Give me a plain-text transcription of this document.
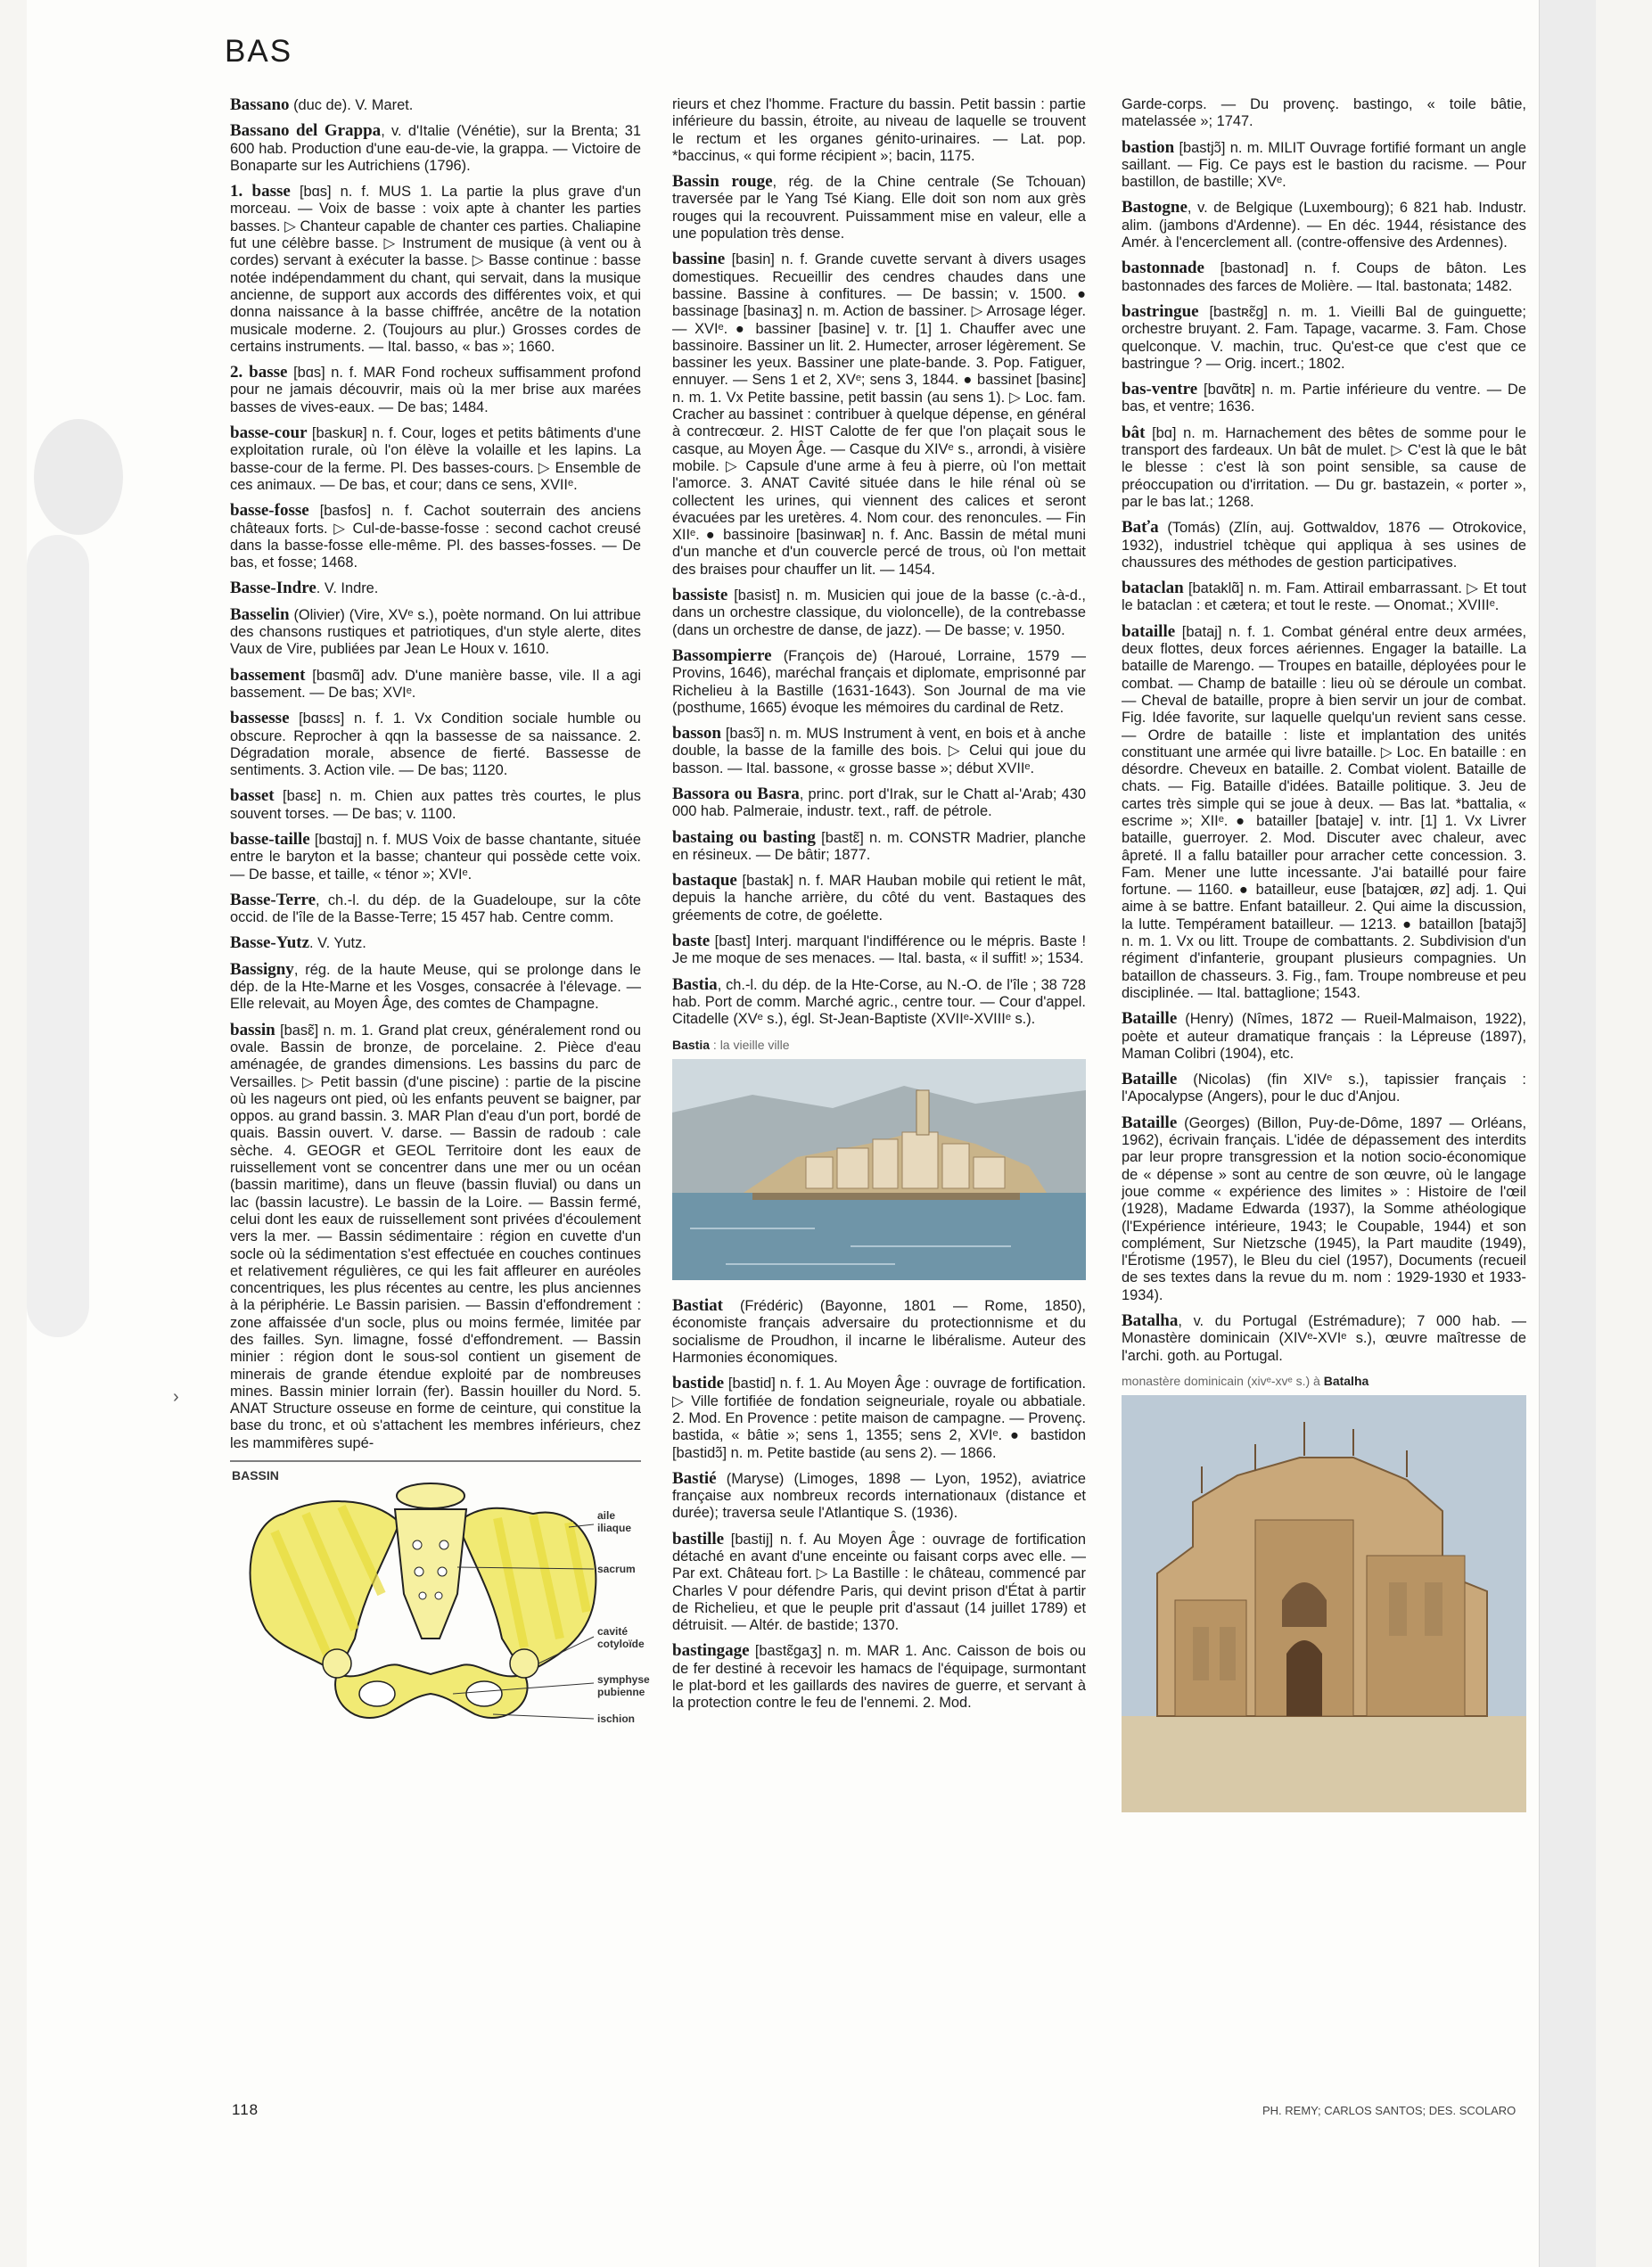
BAS
›

Bassano (duc de). V. Maret.

Bassano del Grappa, v. d'Italie (Vénétie), sur la Brenta; 31 600 hab. Production d'une eau-de-vie, la grappa. — Victoire de Bonaparte sur les Autrichiens (1796).

1. basse [bɑs] n. f. MUS 1. La partie la plus grave d'un morceau. — Voix de basse : voix apte à chanter les parties basses. ▷ Chanteur capable de chanter ces parties. Chaliapine fut une célèbre basse. ▷ Instrument de musique (à vent ou à cordes) servant à exécuter la basse. ▷ Basse continue : basse notée indépendamment du chant, qui servait, dans la musique ancienne, de support aux accords des différentes voix, et qui donna naissance à la basse chiffrée, ancêtre de la notation musicale moderne. 2. (Toujours au plur.) Grosses cordes de certains instruments. — Ital. basso, « bas »; 1660.

2. basse [bɑs] n. f. MAR Fond rocheux suffisamment profond pour ne jamais découvrir, mais où la mer brise aux marées basses de vives-eaux. — De bas; 1484.

basse-cour [baskuʀ] n. f. Cour, loges et petits bâtiments d'une exploitation rurale, où l'on élève la volaille et les lapins. La basse-cour de la ferme. Pl. Des basses-cours. ▷ Ensemble de ces animaux. — De bas, et cour; dans ce sens, XVIIᵉ.

basse-fosse [basfos] n. f. Cachot souterrain des anciens châteaux forts. ▷ Cul-de-basse-fosse : second cachot creusé dans la basse-fosse elle-même. Pl. des basses-fosses. — De bas, et fosse; 1468.

Basse-Indre. V. Indre.

Basselin (Olivier) (Vire, XVᵉ s.), poète normand. On lui attribue des chansons rustiques et patriotiques, d'un style alerte, dites Vaux de Vire, publiées par Jean Le Houx v. 1610.

bassement [bɑsmɑ̃] adv. D'une manière basse, vile. Il a agi bassement. — De bas; XVIᵉ.

bassesse [bɑsɛs] n. f. 1. Vx Condition sociale humble ou obscure. Reprocher à qqn la bassesse de sa naissance. 2. Dégradation morale, absence de fierté. Bassesse de sentiments. 3. Action vile. — De bas; 1120.

basset [basɛ] n. m. Chien aux pattes très courtes, le plus souvent torses. — De bas; v. 1100.

basse-taille [bɑstɑj] n. f. MUS Voix de basse chantante, située entre le baryton et la basse; chanteur qui possède cette voix. — De basse, et taille, « ténor »; XVIᵉ.

Basse-Terre, ch.-l. du dép. de la Guadeloupe, sur la côte occid. de l'île de la Basse-Terre; 15 457 hab. Centre comm.

Basse-Yutz. V. Yutz.

Bassigny, rég. de la haute Meuse, qui se prolonge dans le dép. de la Hte-Marne et les Vosges, consacrée à l'élevage. — Elle relevait, au Moyen Âge, des comtes de Champagne.

bassin [basɛ̃] n. m. 1. Grand plat creux, généralement rond ou ovale. Bassin de bronze, de porcelaine. 2. Pièce d'eau aménagée, de grandes dimensions. Les bassins du parc de Versailles. ▷ Petit bassin (d'une piscine) : partie de la piscine où les nageurs ont pied, où les enfants peuvent se baigner, par oppos. au grand bassin. 3. MAR Plan d'eau d'un port, bordé de quais. Bassin ouvert. V. darse. — Bassin de radoub : cale sèche. 4. GEOGR et GEOL Territoire dont les eaux de ruissellement vont se concentrer dans une mer ou un océan (bassin maritime), dans un fleuve (bassin fluvial) ou dans un lac (bassin lacustre). Le bassin de la Loire. — Bassin fermé, celui dont les eaux de ruissellement sont privées d'écoulement vers la mer. — Bassin sédimentaire : région en cuvette d'un socle où la sédimentation s'est effectuée en couches continues et relativement régulières, ce qui les fait affleurer en auréoles concentriques, les plus récentes au centre, les plus anciennes à la périphérie. Le Bassin parisien. — Bassin d'effondrement : zone affaissée d'un socle, plus ou moins fermée, limitée par des failles. Syn. limagne, fossé d'effondrement. — Bassin minier : région dont le sous-sol contient un gisement de minerais de grande étendue exploité par de nombreuses mines. Bassin minier lorrain (fer). Bassin houiller du Nord. 5. ANAT Structure osseuse en forme de ceinture, qui constitue la base du tronc, et où s'attachent les membres inférieurs, chez les mammifères supé-

BASSIN
aile iliaque
sacrum
cavité cotyloïde
symphyse pubienne
ischion

rieurs et chez l'homme. Fracture du bassin. Petit bassin : partie inférieure du bassin, étroite, au niveau de laquelle se trouvent le rectum et les organes génito-urinaires. — Lat. pop. *baccinus, « qui forme récipient »; bacin, 1175.

Bassin rouge, rég. de la Chine centrale (Se Tchouan) traversée par le Yang Tsé Kiang. Elle doit son nom aux grès rouges qui la recouvrent. Puissamment mise en valeur, elle a une population très dense.

bassine [basin] n. f. Grande cuvette servant à divers usages domestiques. Recueillir des cendres chaudes dans une bassine. Bassine à confitures. — De bassin; v. 1500. ● bassinage [basinaʒ] n. m. Action de bassiner. ▷ Arrosage léger. — XVIᵉ. ● bassiner [basine] v. tr. [1] 1. Chauffer avec une bassinoire. Bassiner un lit. 2. Humecter, arroser légèrement. Se bassiner les yeux. Bassiner une plate-bande. 3. Pop. Fatiguer, ennuyer. — Sens 1 et 2, XVᵉ; sens 3, 1844. ● bassinet [basinɛ] n. m. 1. Vx Petite bassine, petit bassin (au sens 1). ▷ Loc. fam. Cracher au bassinet : contribuer à quelque dépense, en général à contrecœur. 2. HIST Calotte de fer que l'on plaçait sous le casque, au Moyen Âge. — Casque du XIVᵉ s., arrondi, à visière mobile. ▷ Capsule d'une arme à feu à pierre, où l'on mettait l'amorce. 3. ANAT Cavité située dans le hile rénal où se collectent les urines, qui viennent des calices et seront évacuées par les uretères. 4. Nom cour. des renoncules. — Fin XIIᵉ. ● bassinoire [basinwaʀ] n. f. Anc. Bassin de métal muni d'un manche et d'un couvercle percé de trous, où l'on mettait des braises pour chauffer un lit. — 1454.

bassiste [basist] n. m. Musicien qui joue de la basse (c.-à-d., dans un orchestre classique, du violoncelle), de la contrebasse (dans un orchestre de danse, de jazz). — De basse; v. 1950.

Bassompierre (François de) (Haroué, Lorraine, 1579 — Provins, 1646), maréchal français et diplomate, emprisonné par Richelieu à la Bastille (1631-1643). Son Journal de ma vie (posthume, 1665) évoque les mémoires du cardinal de Retz.

basson [basɔ̃] n. m. MUS Instrument à vent, en bois et à anche double, la basse de la famille des bois. ▷ Celui qui joue du basson. — Ital. bassone, « grosse basse »; début XVIIᵉ.

Bassora ou Basra, princ. port d'Irak, sur le Chatt al-'Arab; 430 000 hab. Palmeraie, industr. text., raff. de pétrole.

bastaing ou basting [bastɛ̃] n. m. CONSTR Madrier, planche en résineux. — De bâtir; 1877.

bastaque [bastak] n. f. MAR Hauban mobile qui retient le mât, depuis la hanche arrière, du côté du vent. Bastaques des gréements de cotre, de goélette.

baste [bast] Interj. marquant l'indifférence ou le mépris. Baste ! Je me moque de ses menaces. — Ital. basta, « il suffit! »; 1534.

Bastia, ch.-l. du dép. de la Hte-Corse, au N.-O. de l'île ; 38 728 hab. Port de comm. Marché agric., centre tour. — Cour d'appel. Citadelle (XVᵉ s.), égl. St-Jean-Baptiste (XVIIᵉ-XVIIIᵉ s.).

Bastia : la vieille ville

Bastiat (Frédéric) (Bayonne, 1801 — Rome, 1850), économiste français adversaire du protectionnisme et du socialisme de Proudhon, il incarne le libéralisme. Auteur des Harmonies économiques.

bastide [bastid] n. f. 1. Au Moyen Âge : ouvrage de fortification. ▷ Ville fortifiée de fondation seigneuriale, royale ou abbatiale. 2. Mod. En Provence : petite maison de campagne. — Provenç. bastida, « bâtie »; sens 1, 1355; sens 2, XVIᵉ. ● bastidon [bastidɔ̃] n. m. Petite bastide (au sens 2). — 1866.

Bastié (Maryse) (Limoges, 1898 — Lyon, 1952), aviatrice française aux nombreux records internationaux (distance et durée); traversa seule l'Atlantique S. (1936).

bastille [bastij] n. f. Au Moyen Âge : ouvrage de fortification détaché en avant d'une enceinte ou faisant corps avec elle. — Par ext. Château fort. ▷ La Bastille : le château, commencé par Charles V pour défendre Paris, qui devint prison d'État à partir de Richelieu, et que le peuple prit d'assaut (14 juillet 1789) et détruisit. — Altér. de bastide; 1370.

bastingage [bastɛ̃gaʒ] n. m. MAR 1. Anc. Caisson de bois ou de fer destiné à recevoir les hamacs de l'équipage, surmontant le plat-bord et les gaillards des navires de guerre, et servant à la protection contre le feu de l'ennemi. 2. Mod.

Garde-corps. — Du provenç. bastingo, « toile bâtie, matelassée »; 1747.

bastion [bastjɔ̃] n. m. MILIT Ouvrage fortifié formant un angle saillant. — Fig. Ce pays est le bastion du racisme. — Pour bastillon, de bastille; XVᵉ.

Bastogne, v. de Belgique (Luxembourg); 6 821 hab. Industr. alim. (jambons d'Ardenne). — En déc. 1944, résistance des Amér. à l'encerclement all. (contre-offensive des Ardennes).

bastonnade [bastonad] n. f. Coups de bâton. Les bastonnades des farces de Molière. — Ital. bastonata; 1482.

bastringue [bastʀɛ̃g] n. m. 1. Vieilli Bal de guinguette; orchestre bruyant. 2. Fam. Tapage, vacarme. 3. Fam. Chose quelconque. V. machin, truc. Qu'est-ce que c'est que ce bastringue ? — Orig. incert.; 1802.

bas-ventre [bɑvɑ̃tʀ] n. m. Partie inférieure du ventre. — De bas, et ventre; 1636.

bât [bɑ] n. m. Harnachement des bêtes de somme pour le transport des fardeaux. Un bât de mulet. ▷ C'est là que le bât le blesse : c'est là son point sensible, sa cause de préoccupation ou d'irritation. — Du gr. bastazein, « porter », par le bas lat.; 1268.

Baťa (Tomás) (Zlín, auj. Gottwaldov, 1876 — Otrokovice, 1932), industriel tchèque qui appliqua à ses usines de chaussures des méthodes de gestion participatives.

bataclan [bataklɑ̃] n. m. Fam. Attirail embarrassant. ▷ Et tout le bataclan : et cætera; et tout le reste. — Onomat.; XVIIIᵉ.

bataille [bataj] n. f. 1. Combat général entre deux armées, deux flottes, deux forces aériennes. Engager la bataille. La bataille de Marengo. — Troupes en bataille, déployées pour le combat. — Champ de bataille : lieu où se déroule un combat. — Cheval de bataille, propre à bien servir un jour de combat. Fig. Idée favorite, sur laquelle quelqu'un revient sans cesse. — Ordre de bataille : liste et implantation des unités constituant une armée qui livre bataille. ▷ Loc. En bataille : en désordre. Cheveux en bataille. 2. Combat violent. Bataille de chats. — Fig. Bataille d'idées. Bataille politique. 3. Jeu de cartes très simple qui se joue à deux. — Bas lat. *battalia, « escrime »; XIIᵉ. ● batailler [bataje] v. intr. [1] 1. Vx Livrer bataille, guerroyer. 2. Mod. Discuter avec chaleur, avec âpreté. Il a fallu batailler pour arracher cette concession. 3. Fam. Mener une lutte incessante. J'ai bataillé pour faire fortune. — 1160. ● batailleur, euse [batajœʀ, øz] adj. 1. Qui aime à se battre. Enfant batailleur. 2. Qui aime la discussion, la lutte. Tempérament batailleur. — 1213. ● bataillon [batajɔ̃] n. m. 1. Vx ou litt. Troupe de combattants. 2. Subdivision d'un régiment d'infanterie, groupant plusieurs compagnies. Un bataillon de chasseurs. 3. Fig., fam. Troupe nombreuse et peu disciplinée. — Ital. battaglione; 1543.

Bataille (Henry) (Nîmes, 1872 — Rueil-Malmaison, 1922), poète et auteur dramatique français : la Lépreuse (1897), Maman Colibri (1904), etc.

Bataille (Nicolas) (fin XIVᵉ s.), tapissier français : l'Apocalypse (Angers), pour le duc d'Anjou.

Bataille (Georges) (Billon, Puy-de-Dôme, 1897 — Orléans, 1962), écrivain français. L'idée de dépassement des interdits par leur propre transgression et la notion socio-économique de « dépense » sont au centre de son œuvre, où le langage joue comme « expérience des limites » : Histoire de l'œil (1928), Madame Edwarda (1937), la Somme athéologique (l'Expérience intérieure, 1943; le Coupable, 1944) et son complément, Sur Nietzsche (1945), la Part maudite (1949), l'Érotisme (1957), le Bleu du ciel (1957), Documents (recueil de ses textes dans la revue du m. nom : 1929-1930 et 1933-1934).

Batalha, v. du Portugal (Estrémadure); 7 000 hab. — Monastère dominicain (XIVᵉ-XVIᵉ s.), œuvre maîtresse de l'archi. goth. au Portugal.

monastère dominicain (xivᵉ-xvᵉ s.) à Batalha
118	PH. REMY; CARLOS SANTOS; DES. SCOLARO
